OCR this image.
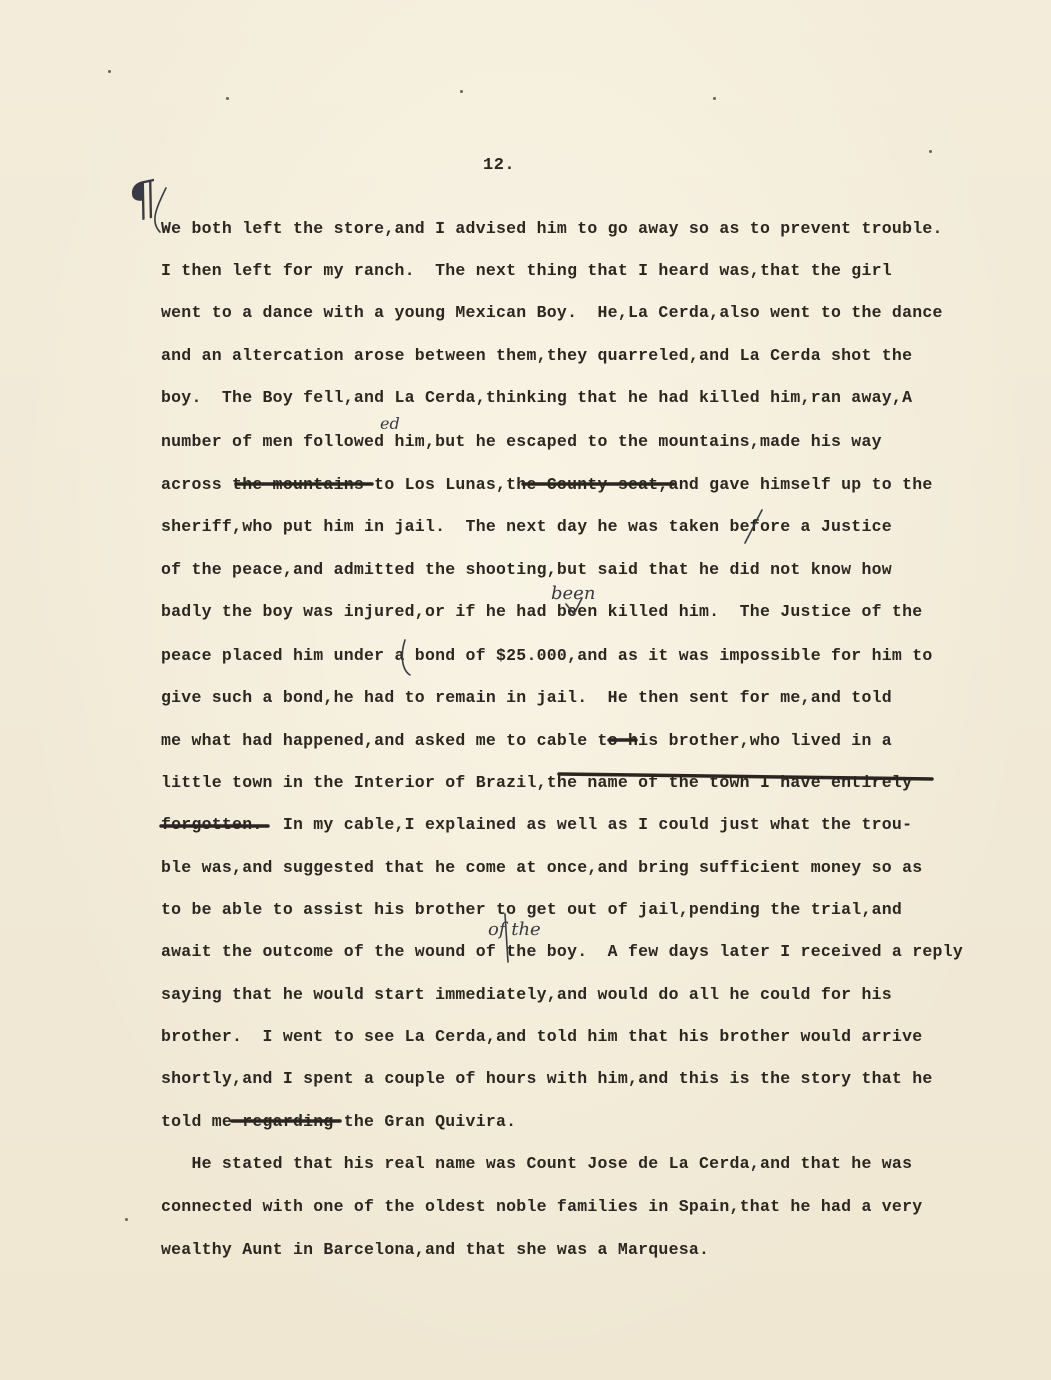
12.
¶
been
ed
of the
We both left the store,and I advised him to go away so as to prevent trouble.
I then left for my ranch.  The next thing that I heard was,that the girl
went to a dance with a young Mexican Boy.  He,La Cerda,also went to the dance
and an altercation arose between them,they quarreled,and La Cerda shot the
boy.  The Boy fell,and La Cerda,thinking that he had killed him,ran away,A
number of men followed him,but he escaped to the mountains,made his way
across the mountains to Los Lunas,the County seat,and gave himself up to the
sheriff,who put him in jail.  The next day he was taken before a Justice
of the peace,and admitted the shooting,but said that he did not know how
badly the boy was injured,or if he had been killed him.  The Justice of the
peace placed him under a bond of $25.000,and as it was impossible for him to
give such a bond,he had to remain in jail.  He then sent for me,and told
me what had happened,and asked me to cable to his brother,who lived in a
little town in the Interior of Brazil,the name of the town I have entirely
forgotten.  In my cable,I explained as well as I could just what the trou-
ble was,and suggested that he come at once,and bring sufficient money so as
to be able to assist his brother to get out of jail,pending the trial,and
await the outcome of the wound of the boy.  A few days later I received a reply
saying that he would start immediately,and would do all he could for his
brother.  I went to see La Cerda,and told him that his brother would arrive
shortly,and I spent a couple of hours with him,and this is the story that he
told me regarding the Gran Quivira.
He stated that his real name was Count Jose de La Cerda,and that he was
connected with one of the oldest noble families in Spain,that he had a very
wealthy Aunt in Barcelona,and that she was a Marquesa.
